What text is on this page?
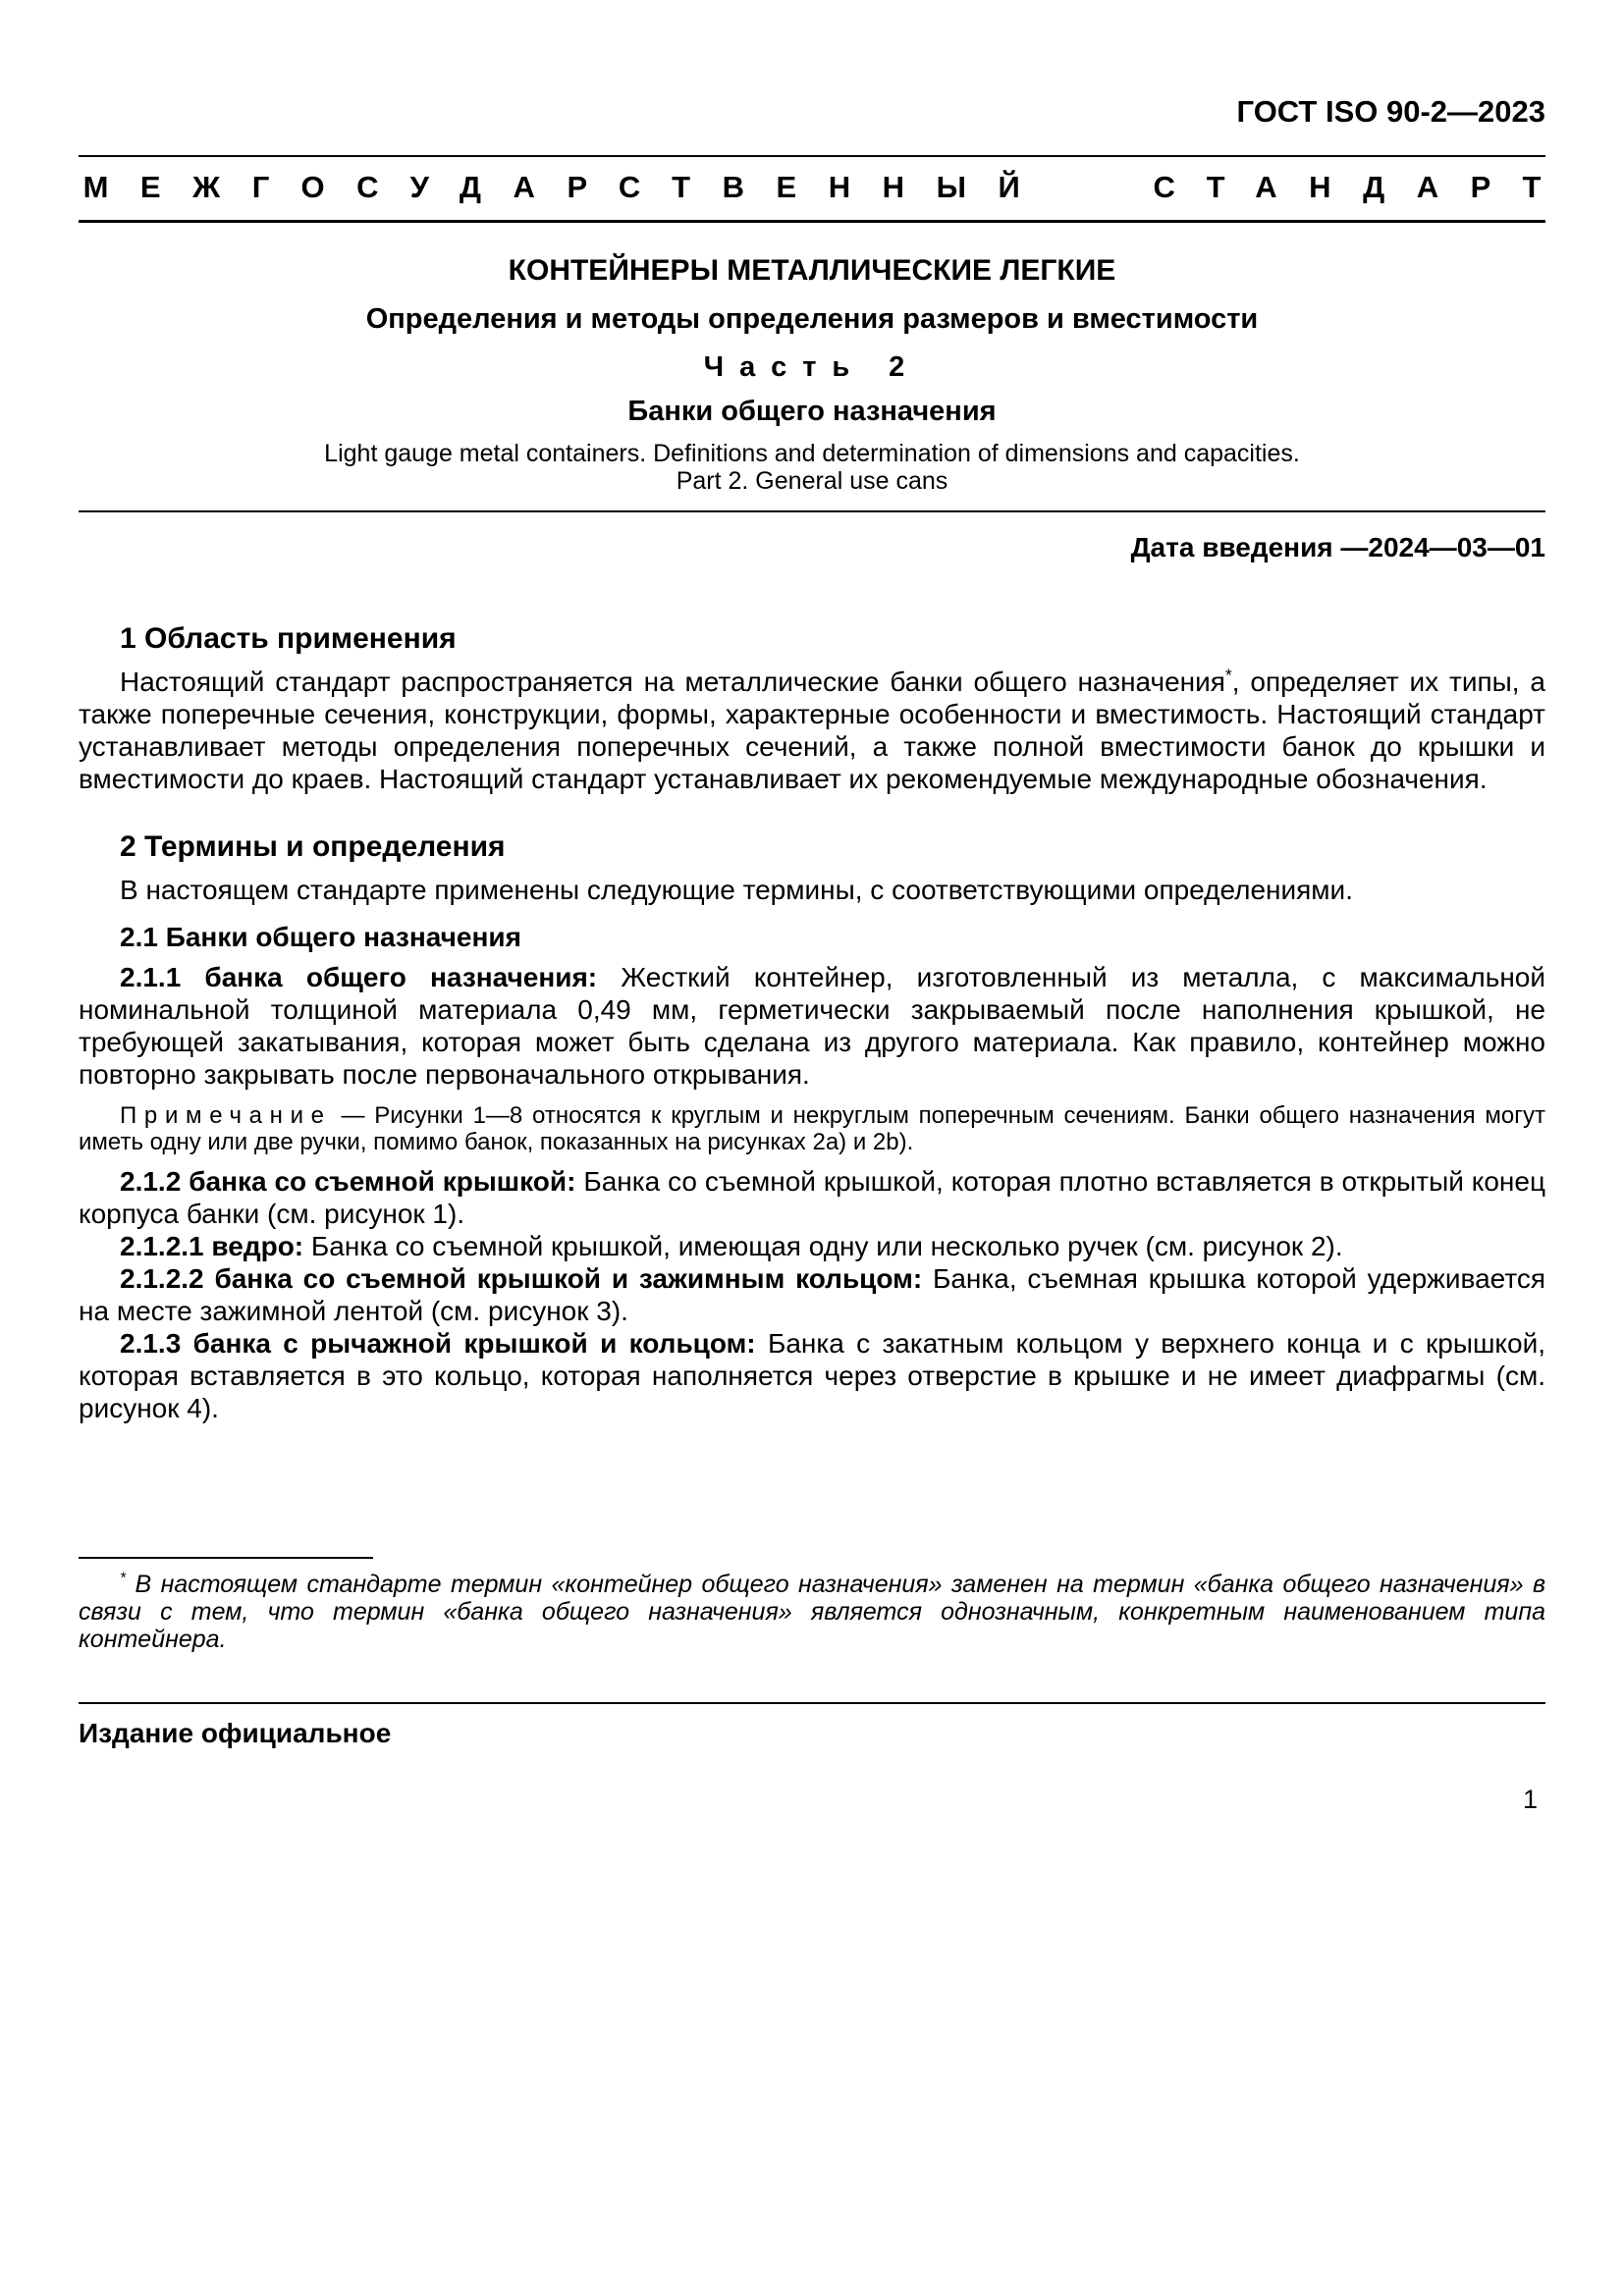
ГОСТ ISO 90-2—2023
МЕЖГОСУДАРСТВЕННЫЙ СТАНДАРТ
КОНТЕЙНЕРЫ МЕТАЛЛИЧЕСКИЕ ЛЕГКИЕ
Определения и методы определения размеров и вместимости
Часть 2
Банки общего назначения
Light gauge metal containers. Definitions and determination of dimensions and capacities.
Part 2. General use cans
Дата введения —2024—03—01
1 Область применения

Настоящий стандарт распространяется на металлические банки общего назначения*, определяет их типы, а также поперечные сечения, конструкции, формы, характерные особенности и вместимость. Настоящий стандарт устанавливает методы определения поперечных сечений, а также полной вместимости банок до крышки и вместимости до краев. Настоящий стандарт устанавливает их рекомендуемые международные обозначения.

2 Термины и определения

В настоящем стандарте применены следующие термины, с соответствующими определениями.

2.1 Банки общего назначения

2.1.1 банка общего назначения: Жесткий контейнер, изготовленный из металла, с максимальной номинальной толщиной материала 0,49 мм, герметически закрываемый после наполнения крышкой, не требующей закатывания, которая может быть сделана из другого материала. Как правило, контейнер можно повторно закрывать после первоначального открывания.

Примечание — Рисунки 1—8 относятся к круглым и некруглым поперечным сечениям. Банки общего назначения могут иметь одну или две ручки, помимо банок, показанных на рисунках 2a) и 2b).

2.1.2 банка со съемной крышкой: Банка со съемной крышкой, которая плотно вставляется в открытый конец корпуса банки (см. рисунок 1).

2.1.2.1 ведро: Банка со съемной крышкой, имеющая одну или несколько ручек (см. рисунок 2).

2.1.2.2 банка со съемной крышкой и зажимным кольцом: Банка, съемная крышка которой удерживается на месте зажимной лентой (см. рисунок 3).

2.1.3 банка с рычажной крышкой и кольцом: Банка с закатным кольцом у верхнего конца и с крышкой, которая вставляется в это кольцо, которая наполняется через отверстие в крышке и не имеет диафрагмы (см. рисунок 4).

* В настоящем стандарте термин «контейнер общего назначения» заменен на термин «банка общего назначения» в связи с тем, что термин «банка общего назначения» является однозначным, конкретным наименованием типа контейнера.

Издание официальное
1
